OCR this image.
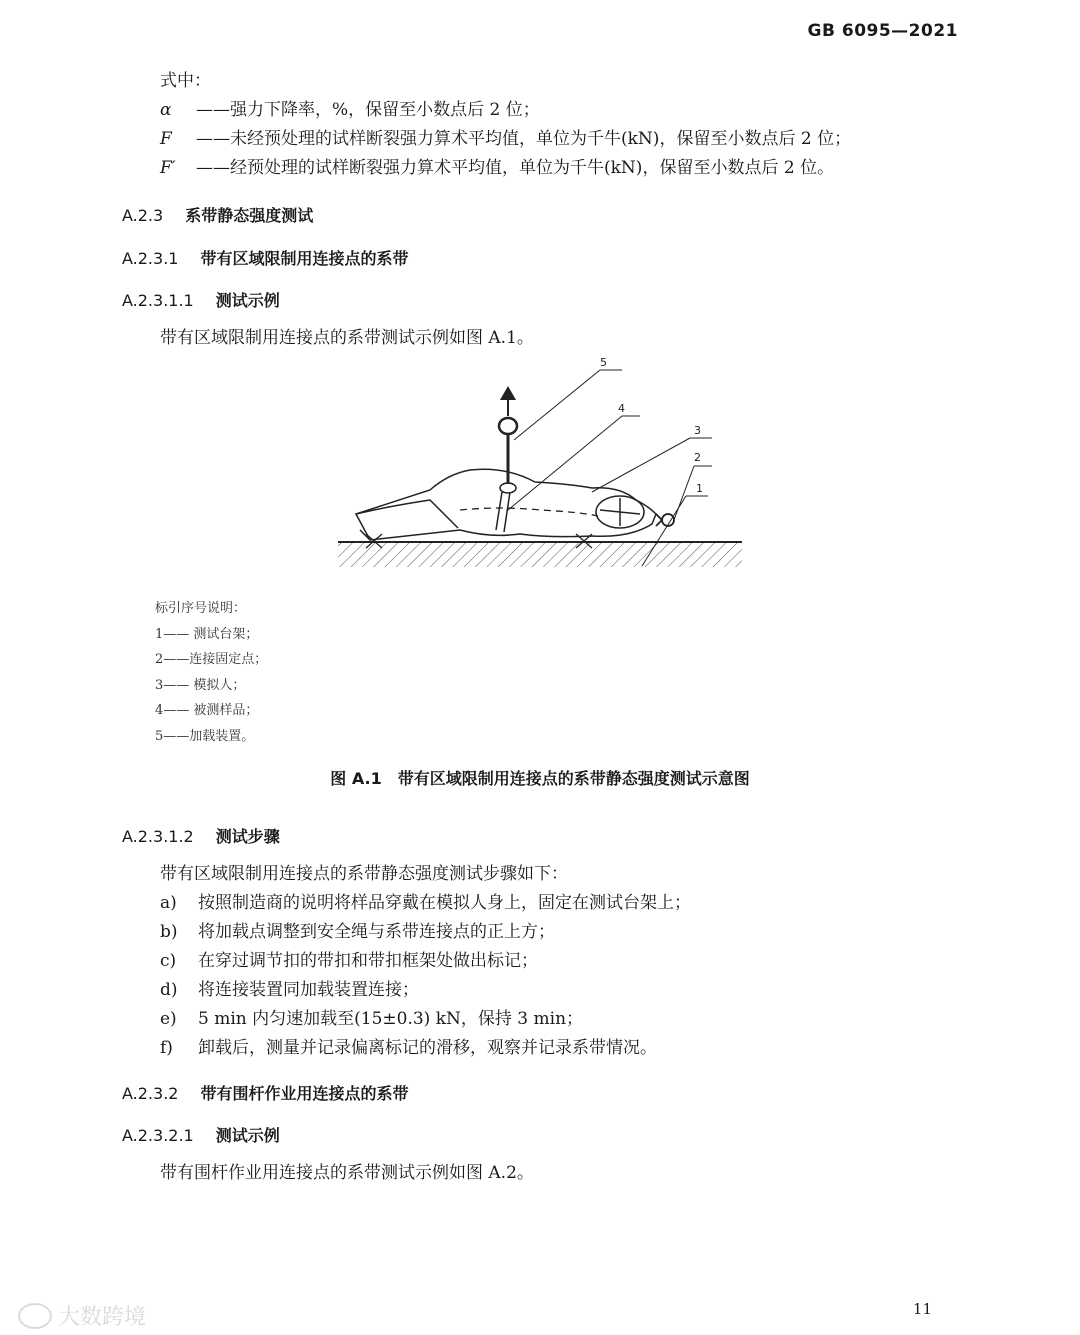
GB 6095—2021
式中：
α ——强力下降率，%，保留至小数点后 2 位；
F ——未经预处理的试样断裂强力算术平均值，单位为千牛(kN)，保留至小数点后 2 位；
F′ ——经预处理的试样断裂强力算术平均值，单位为千牛(kN)，保留至小数点后 2 位。
A.2.3 系带静态强度测试
A.2.3.1 带有区域限制用连接点的系带
A.2.3.1.1 测试示例
带有区域限制用连接点的系带测试示例如图 A.1。
1
2
3
4
5
标引序号说明：
1—— 测试台架；
2——连接固定点；
3—— 模拟人；
4—— 被测样品；
5——加载装置。
图 A.1　带有区域限制用连接点的系带静态强度测试示意图
A.2.3.1.2 测试步骤
带有区域限制用连接点的系带静态强度测试步骤如下：
a) 按照制造商的说明将样品穿戴在模拟人身上，固定在测试台架上；
b) 将加载点调整到安全绳与系带连接点的正上方；
c) 在穿过调节扣的带扣和带扣框架处做出标记；
d) 将连接装置同加载装置连接；
e) 5 min 内匀速加载至(15±0.3) kN，保持 3 min；
f) 卸载后，测量并记录偏离标记的滑移，观察并记录系带情况。
A.2.3.2 带有围杆作业用连接点的系带
A.2.3.2.1 测试示例
带有围杆作业用连接点的系带测试示例如图 A.2。
大数跨境	11
